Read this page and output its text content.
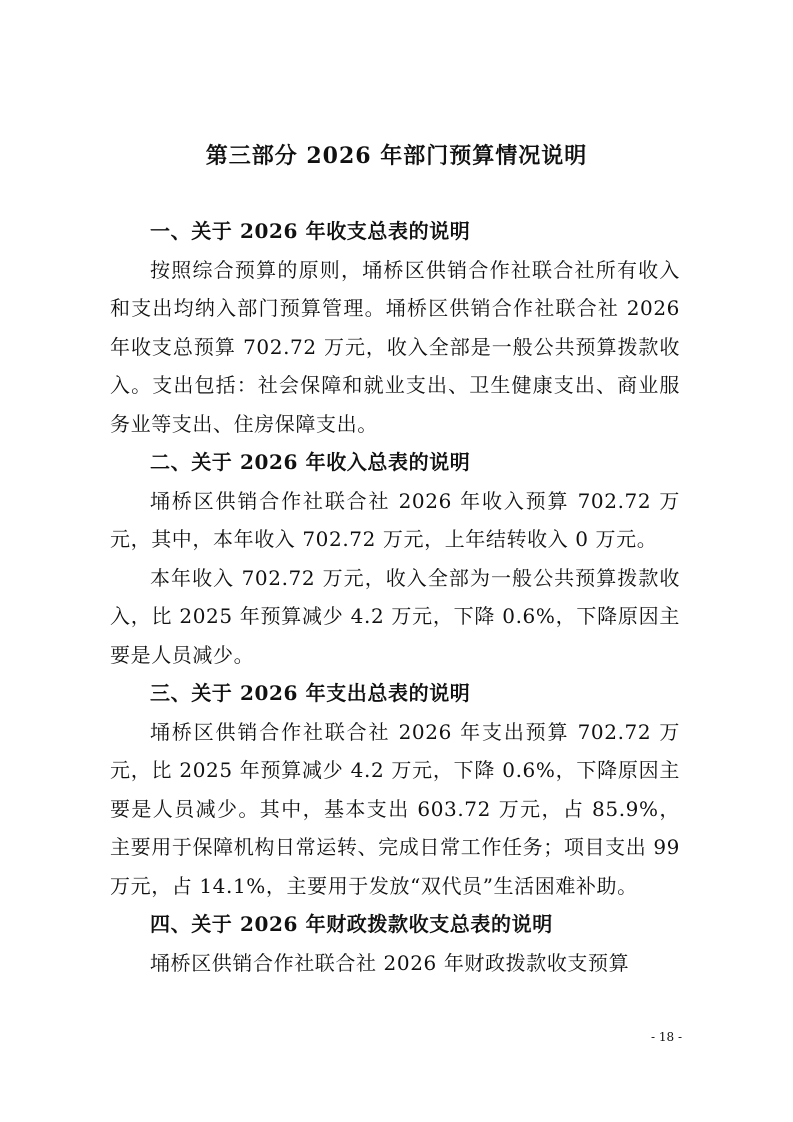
第三部分 2026 年部门预算情况说明
一、关于 2026 年收支总表的说明

按照综合预算的原则，埇桥区供销合作社联合社所有收入和支出均纳入部门预算管理。埇桥区供销合作社联合社 2026 年收支总预算 702.72 万元，收入全部是一般公共预算拨款收入。支出包括：社会保障和就业支出、卫生健康支出、商业服务业等支出、住房保障支出。

二、关于 2026 年收入总表的说明

埇桥区供销合作社联合社 2026 年收入预算 702.72 万元，其中，本年收入 702.72 万元，上年结转收入 0 万元。

本年收入 702.72 万元，收入全部为一般公共预算拨款收入，比 2025 年预算减少 4.2 万元，下降 0.6%，下降原因主要是人员减少。

三、关于 2026 年支出总表的说明

埇桥区供销合作社联合社 2026 年支出预算 702.72 万元，比 2025 年预算减少 4.2 万元，下降 0.6%，下降原因主要是人员减少。其中，基本支出 603.72 万元，占 85.9%，主要用于保障机构日常运转、完成日常工作任务；项目支出 99 万元，占 14.1%，主要用于发放“双代员”生活困难补助。

四、关于 2026 年财政拨款收支总表的说明

埇桥区供销合作社联合社 2026 年财政拨款收支预算

- 18 -
